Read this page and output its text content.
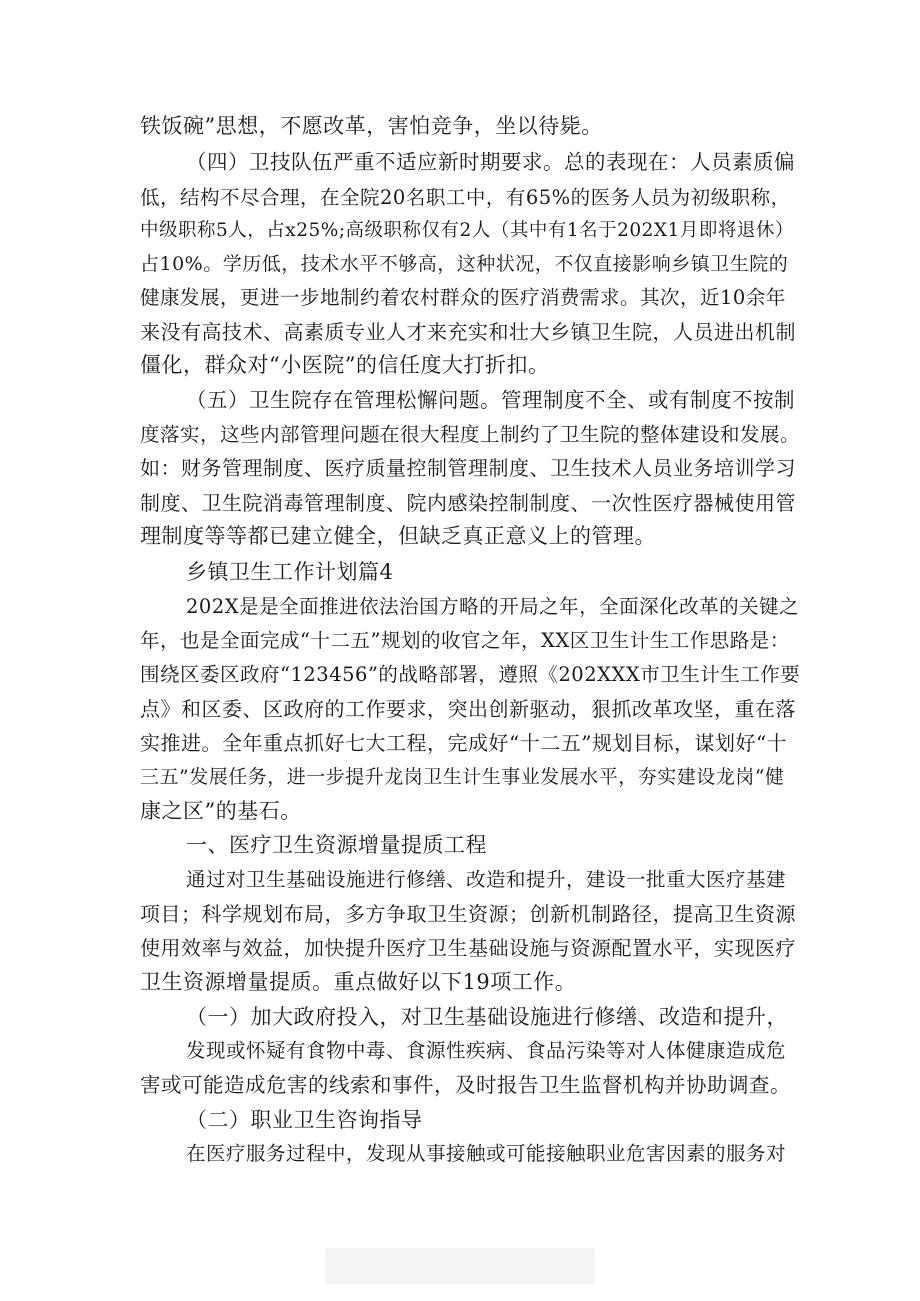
铁饭碗”思想，不愿改革，害怕竞争，坐以待毙。
（四）卫技队伍严重不适应新时期要求。总的表现在：人员素质偏
低，结构不尽合理，在全院20名职工中，有65%的医务人员为初级职称，
中级职称5人，占x25%;高级职称仅有2人（其中有1名于202X1月即将退休）
占10%。学历低，技术水平不够高，这种状况，不仅直接影响乡镇卫生院的
健康发展，更进一步地制约着农村群众的医疗消费需求。其次，近10余年
来没有高技术、高素质专业人才来充实和壮大乡镇卫生院，人员进出机制
僵化，群众对“小医院”的信任度大打折扣。
（五）卫生院存在管理松懈问题。管理制度不全、或有制度不按制
度落实，这些内部管理问题在很大程度上制约了卫生院的整体建设和发展。
如：财务管理制度、医疗质量控制管理制度、卫生技术人员业务培训学习
制度、卫生院消毒管理制度、院内感染控制制度、一次性医疗器械使用管
理制度等等都已建立健全，但缺乏真正意义上的管理。
乡镇卫生工作计划篇4
202X是是全面推进依法治国方略的开局之年，全面深化改革的关键之
年，也是全面完成“十二五”规划的收官之年，XX区卫生计生工作思路是：
围绕区委区政府“123456”的战略部署，遵照《202XXX市卫生计生工作要
点》和区委、区政府的工作要求，突出创新驱动，狠抓改革攻坚，重在落
实推进。全年重点抓好七大工程，完成好“十二五”规划目标，谋划好“十
三五”发展任务，进一步提升龙岗卫生计生事业发展水平，夯实建设龙岗“健
康之区”的基石。
一、医疗卫生资源增量提质工程
通过对卫生基础设施进行修缮、改造和提升，建设一批重大医疗基建
项目；科学规划布局，多方争取卫生资源；创新机制路径，提高卫生资源
使用效率与效益，加快提升医疗卫生基础设施与资源配置水平，实现医疗
卫生资源增量提质。重点做好以下19项工作。
（一）加大政府投入，对卫生基础设施进行修缮、改造和提升，
发现或怀疑有食物中毒、食源性疾病、食品污染等对人体健康造成危
害或可能造成危害的线索和事件，及时报告卫生监督机构并协助调查。
（二）职业卫生咨询指导
在医疗服务过程中，发现从事接触或可能接触职业危害因素的服务对
